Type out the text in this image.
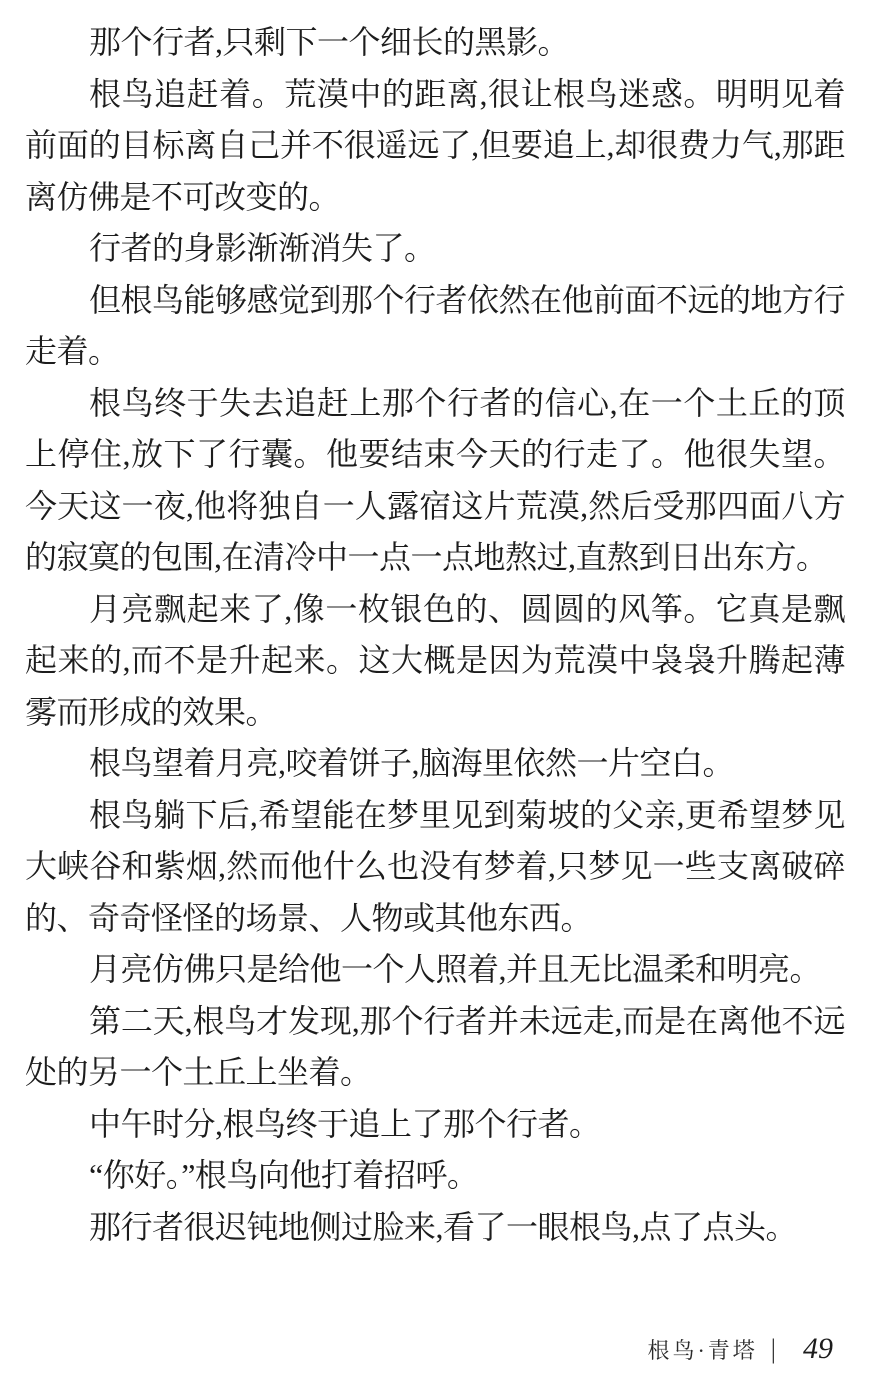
那个行者,只剩下一个细长的黑影。

根鸟追赶着。荒漠中的距离,很让根鸟迷惑。明明见着前面的目标离自己并不很遥远了,但要追上,却很费力气,那距离仿佛是不可改变的。

行者的身影渐渐消失了。

但根鸟能够感觉到那个行者依然在他前面不远的地方行走着。

根鸟终于失去追赶上那个行者的信心,在一个土丘的顶上停住,放下了行囊。他要结束今天的行走了。他很失望。今天这一夜,他将独自一人露宿这片荒漠,然后受那四面八方的寂寞的包围,在清冷中一点一点地熬过,直熬到日出东方。

月亮飘起来了,像一枚银色的、圆圆的风筝。它真是飘起来的,而不是升起来。这大概是因为荒漠中袅袅升腾起薄雾而形成的效果。

根鸟望着月亮,咬着饼子,脑海里依然一片空白。

根鸟躺下后,希望能在梦里见到菊坡的父亲,更希望梦见大峡谷和紫烟,然而他什么也没有梦着,只梦见一些支离破碎的、奇奇怪怪的场景、人物或其他东西。

月亮仿佛只是给他一个人照着,并且无比温柔和明亮。

第二天,根鸟才发现,那个行者并未远走,而是在离他不远处的另一个土丘上坐着。

中午时分,根鸟终于追上了那个行者。

“你好。”根鸟向他打着招呼。

那行者很迟钝地侧过脸来,看了一眼根鸟,点了点头。

根鸟·青塔 | 49
